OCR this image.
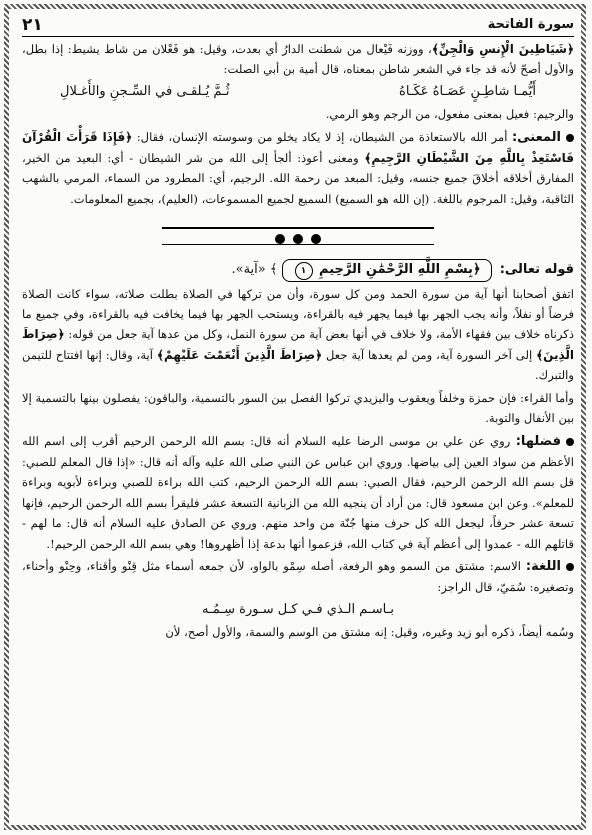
سورة الفاتحة
٢١

﴿شَيَاطِينَ الْإِنسِ وَالْجِنِّ﴾، ووزنه فَيْعال من شطنت الدارُ أي بعدت، وقيل: هو فَعْلان من شاط يشيط: إذا بطل، والأول أصحّ لأنه قد جاء في الشعر شاطن بمعناه، قال أمية بن أبي الصلت:

أَيُّمـا شاطِـنٍ عَصَـاهُ عَكَـاهُ
ثُـمَّ يُـلقـى في السِّـجنِ والأَغـلالِ

والرجيم: فعيل بمعنى مفعول، من الرجم وهو الرمي.

المعنى: أمر الله بالاستعاذة من الشيطان، إذ لا يكاد يخلو من وسوسته الإنسان، فقال: ﴿فَإِذَا قَرَأْتَ الْقُرْآنَ فَاسْتَعِذْ بِاللَّهِ مِنَ الشَّيْطَانِ الرَّجِيمِ﴾ ومعنى أعوذ: ألجأ إلى الله من شر الشيطان - أي: البعيد من الخير، المفارق أخلاقه أخلاقَ جميع جنسه، وقيل: المبعد من رحمة الله. الرجيم، أي: المطرود من السماء، المرمي بالشهب الثاقبة، وقيل: المرجوم باللغة. (إن الله هو السميع) السميع لجميع المسموعات، (العليم)، بجميع المعلومات.

قوله تعالى: ﴿بِسْمِ اللَّهِ الرَّحْمَٰنِ الرَّحِيمِ ١﴾ «آية».

اتفق أصحابنا أنها آية من سورة الحمد ومن كل سورة، وأن من تركها في الصلاة بطلت صلاته، سواء كانت الصلاة فرضاً أو نفلاً، وأنه يجب الجهر بها فيما يجهر فيه بالقراءة، ويستحب الجهر بها فيما يخافت فيه بالقراءة، وفي جميع ما ذكرناه خلاف بين فقهاء الأمة، ولا خلاف في أنها بعض آية من سورة النمل، وكل من عدها آية جعل من قوله: ﴿صِرَاطَ الَّذِينَ﴾ إلى آخر السورة آية، ومن لم يعدها آية جعل ﴿صِرَاطَ الَّذِينَ أَنْعَمْتَ عَلَيْهِمْ﴾ آية، وقال: إنها افتتاح للتيمن والتبرك.

وأما القراء: فإن حمزة وخلفاً ويعقوب واليزيدي تركوا الفصل بين السور بالتسمية، والباقون: يفصلون بينها بالتسمية إلا بين الأنفال والتوبة.

فضلها: روي عن علي بن موسى الرضا عليه السلام أنه قال: بسم الله الرحمن الرحيم أقرب إلى اسم الله الأعظم من سواد العين إلى بياضها. وروي ابن عباس عن النبي صلى الله عليه وآله أنه قال: «إذا قال المعلم للصبي: قل بسم الله الرحمن الرحيم، فقال الصبي: بسم الله الرحمن الرحيم، كتب الله براءة للصبي وبراءة لأبويه وبراءة للمعلم». وعن ابن مسعود قال: من أراد أن ينجيه الله من الزبانية التسعة عشر فليقرأ بسم الله الرحمن الرحيم، فإنها تسعة عشر حرفاً، ليجعل الله كل حرف منها جُنّة من واحد منهم. وروي عن الصادق عليه السلام أنه قال: ما لهم - قاتلهم الله - عمدوا إلى أعظم آية في كتاب الله، فزعموا أنها بدعة إذا أظهروها! وهي بسم الله الرحمن الرحيم!.

اللغة: الاسم: مشتق من السمو وهو الرفعة، أصله سِمْو بالواو، لأن جمعه أسماء مثل قِنْو وأقناء، وحِنْو وأحناء، وتصغيره: سُمَيّ، قال الراجز:

بـاسـم الـذي فـي كـل سـورة سِـمُـه

وسُمه أيضاً، ذكره أبو زيد وغيره، وقيل: إنه مشتق من الوسم والسمة، والأول أصح، لأن
